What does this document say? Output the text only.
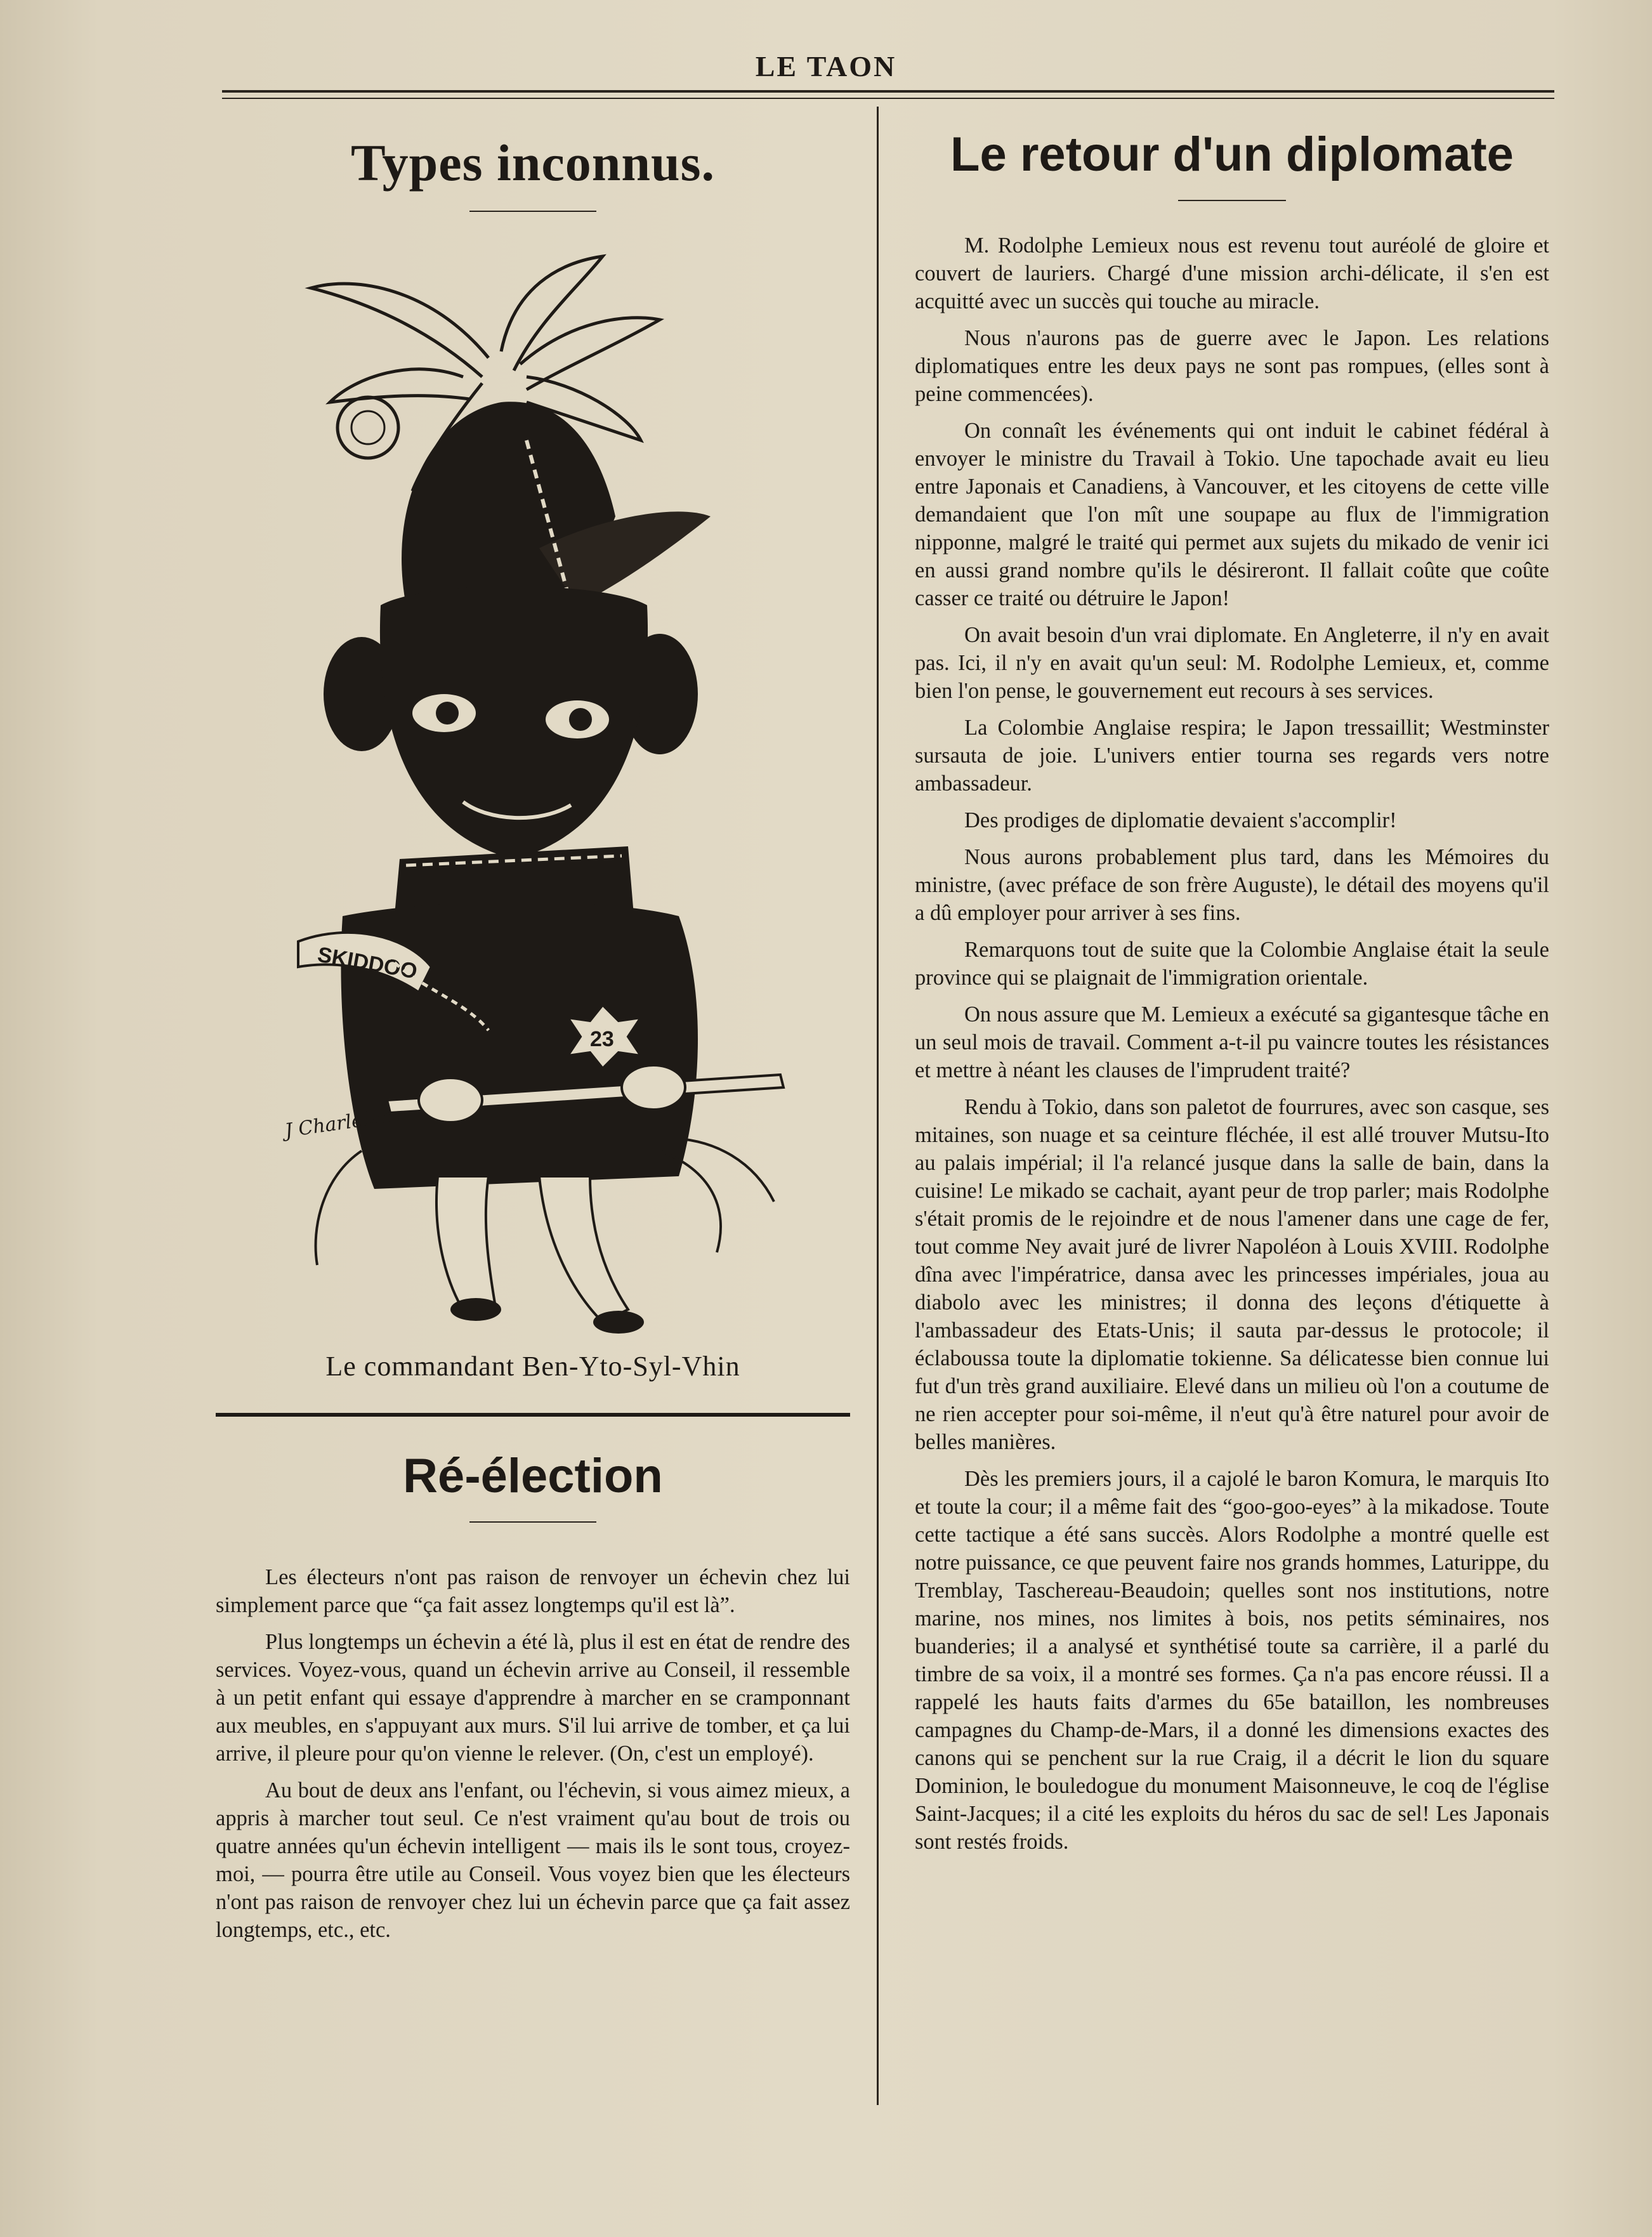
LE TAON
Types inconnus.
SKIDDOO
23
J Charlebois
Le commandant Ben-Yto-Syl-Vhin
Ré-élection

Les électeurs n'ont pas raison de renvoyer un échevin chez lui simplement parce que “ça fait assez longtemps qu'il est là”.

Plus longtemps un échevin a été là, plus il est en état de rendre des services. Voyez-vous, quand un échevin arrive au Conseil, il ressemble à un petit enfant qui essaye d'apprendre à marcher en se cramponnant aux meubles, en s'appuyant aux murs. S'il lui arrive de tomber, et ça lui arrive, il pleure pour qu'on vienne le relever. (On, c'est un employé).

Au bout de deux ans l'enfant, ou l'échevin, si vous aimez mieux, a appris à marcher tout seul. Ce n'est vraiment qu'au bout de trois ou quatre années qu'un échevin intelligent — mais ils le sont tous, croyez-moi, — pourra être utile au Conseil. Vous voyez bien que les électeurs n'ont pas raison de renvoyer chez lui un échevin parce que ça fait assez longtemps, etc., etc.

Le retour d'un diplomate

M. Rodolphe Lemieux nous est revenu tout auréolé de gloire et couvert de lauriers. Chargé d'une mission archi-délicate, il s'en est acquitté avec un succès qui touche au miracle.

Nous n'aurons pas de guerre avec le Japon. Les relations diplomatiques entre les deux pays ne sont pas rompues, (elles sont à peine commencées).

On connaît les événements qui ont induit le cabinet fédéral à envoyer le ministre du Travail à Tokio. Une tapochade avait eu lieu entre Japonais et Canadiens, à Vancouver, et les citoyens de cette ville demandaient que l'on mît une soupape au flux de l'immigration nipponne, malgré le traité qui permet aux sujets du mikado de venir ici en aussi grand nombre qu'ils le désireront. Il fallait coûte que coûte casser ce traité ou détruire le Japon!

On avait besoin d'un vrai diplomate. En Angleterre, il n'y en avait pas. Ici, il n'y en avait qu'un seul: M. Rodolphe Lemieux, et, comme bien l'on pense, le gouvernement eut recours à ses services.

La Colombie Anglaise respira; le Japon tressaillit; Westminster sursauta de joie. L'univers entier tourna ses regards vers notre ambassadeur.

Des prodiges de diplomatie devaient s'accomplir!

Nous aurons probablement plus tard, dans les Mémoires du ministre, (avec préface de son frère Auguste), le détail des moyens qu'il a dû employer pour arriver à ses fins.

Remarquons tout de suite que la Colombie Anglaise était la seule province qui se plaignait de l'immigration orientale.

On nous assure que M. Lemieux a exécuté sa gigantesque tâche en un seul mois de travail. Comment a-t-il pu vaincre toutes les résistances et mettre à néant les clauses de l'imprudent traité?

Rendu à Tokio, dans son paletot de fourrures, avec son casque, ses mitaines, son nuage et sa ceinture fléchée, il est allé trouver Mutsu-Ito au palais impérial; il l'a relancé jusque dans la salle de bain, dans la cuisine! Le mikado se cachait, ayant peur de trop parler; mais Rodolphe s'était promis de le rejoindre et de nous l'amener dans une cage de fer, tout comme Ney avait juré de livrer Napoléon à Louis XVIII. Rodolphe dîna avec l'impératrice, dansa avec les princesses impériales, joua au diabolo avec les ministres; il donna des leçons d'étiquette à l'ambassadeur des Etats-Unis; il sauta par-dessus le protocole; il éclaboussa toute la diplomatie tokienne. Sa délicatesse bien connue lui fut d'un très grand auxiliaire. Elevé dans un milieu où l'on a coutume de ne rien accepter pour soi-même, il n'eut qu'à être naturel pour avoir de belles manières.

Dès les premiers jours, il a cajolé le baron Komura, le marquis Ito et toute la cour; il a même fait des “goo-goo-eyes” à la mikadose. Toute cette tactique a été sans succès. Alors Rodolphe a montré quelle est notre puissance, ce que peuvent faire nos grands hommes, Laturippe, du Tremblay, Taschereau-Beaudoin; quelles sont nos institutions, notre marine, nos mines, nos limites à bois, nos petits séminaires, nos buanderies; il a analysé et synthétisé toute sa carrière, il a parlé du timbre de sa voix, il a montré ses formes. Ça n'a pas encore réussi. Il a rappelé les hauts faits d'armes du 65e bataillon, les nombreuses campagnes du Champ-de-Mars, il a donné les dimensions exactes des canons qui se penchent sur la rue Craig, il a décrit le lion du square Dominion, le bouledogue du monument Maisonneuve, le coq de l'église Saint-Jacques; il a cité les exploits du héros du sac de sel! Les Japonais sont restés froids.
